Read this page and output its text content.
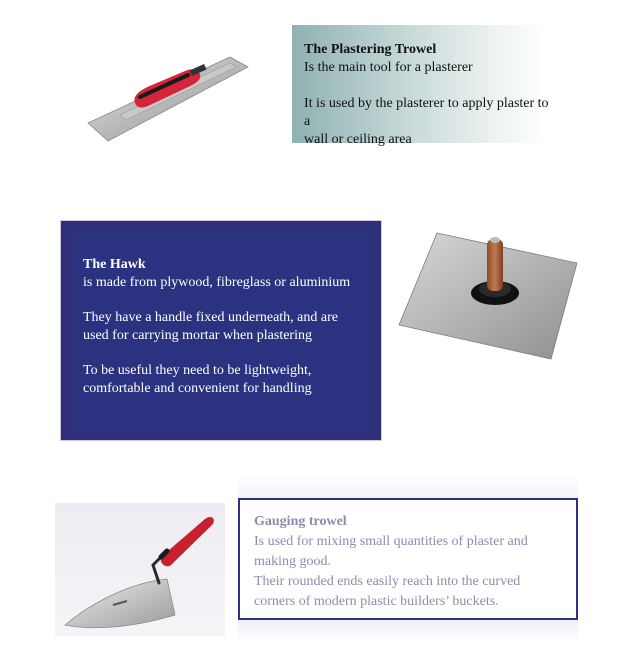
The Plastering Trowel
Is the main tool for a plasterer
It is used by the plasterer to apply plaster to a
wall or ceiling area
The Hawk
is made from plywood, fibreglass or aluminium
They have a handle fixed underneath, and are
used for carrying mortar when plastering
To be useful they need to be lightweight,
comfortable and convenient for handling
Gauging trowel
Is used for mixing small quantities of plaster and
making good.
Their rounded ends easily reach into the curved
corners of modern plastic builders’ buckets.
